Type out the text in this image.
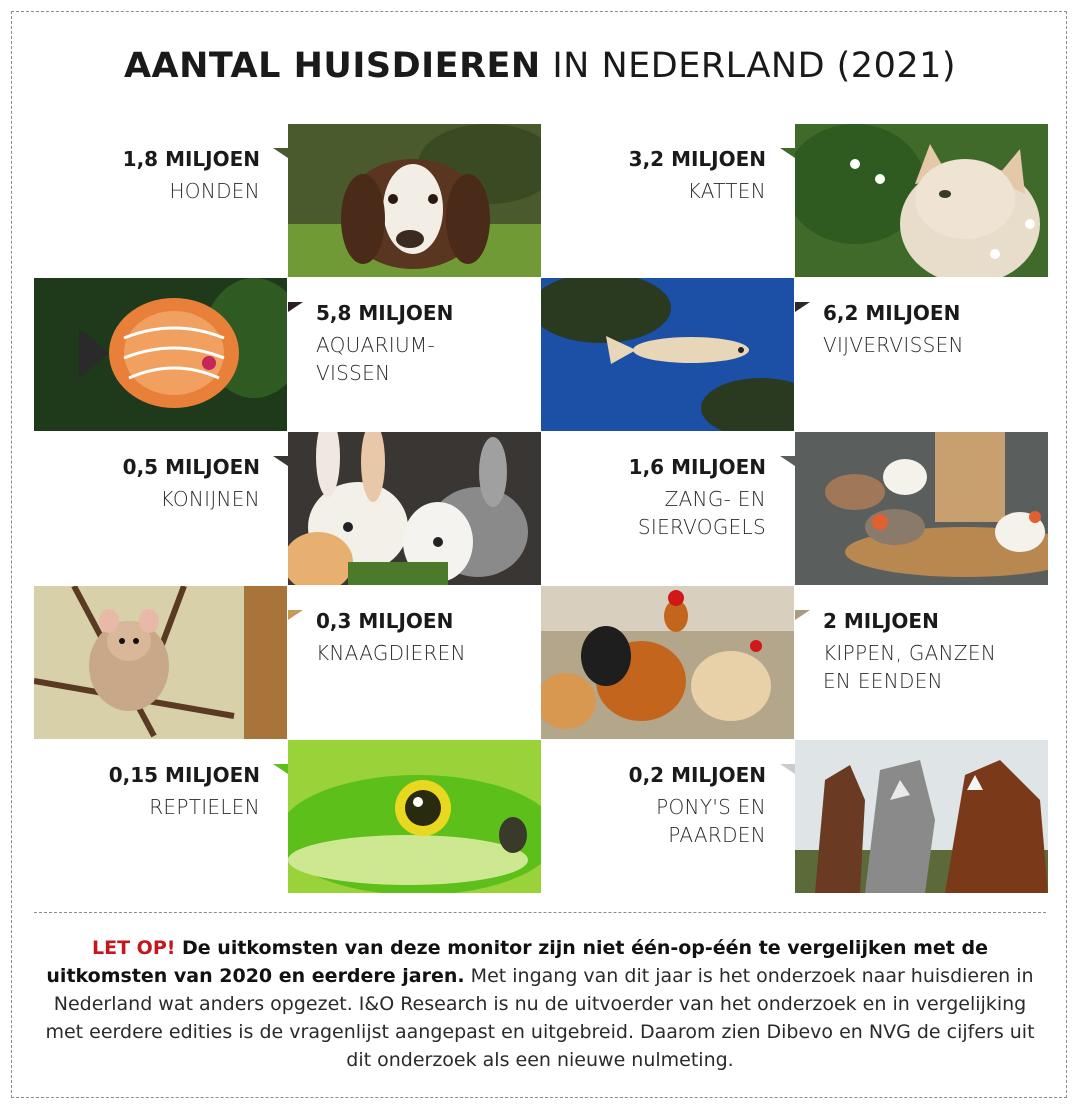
AANTAL HUISDIEREN IN NEDERLAND (2021)
1,8 MILJOEN
HONDEN
3,2 MILJOEN
KATTEN
5,8 MILJOEN
AQUARIUM-
VISSEN
6,2 MILJOEN
VIJVERVISSEN
0,5 MILJOEN
KONIJNEN
1,6 MILJOEN
ZANG- EN
SIERVOGELS
0,3 MILJOEN
KNAAGDIEREN
2 MILJOEN
KIPPEN, GANZEN
EN EENDEN
0,15 MILJOEN
REPTIELEN
0,2 MILJOEN
PONY'S EN
PAARDEN
LET OP! De uitkomsten van deze monitor zijn niet één-op-één te vergelijken met de uitkomsten van 2020 en eerdere jaren. Met ingang van dit jaar is het onderzoek naar huisdieren in Nederland wat anders opgezet. I&O Research is nu de uitvoerder van het onderzoek en in vergelijking met eerdere edities is de vragenlijst aangepast en uitgebreid. Daarom zien Dibevo en NVG de cijfers uit dit onderzoek als een nieuwe nulmeting.
